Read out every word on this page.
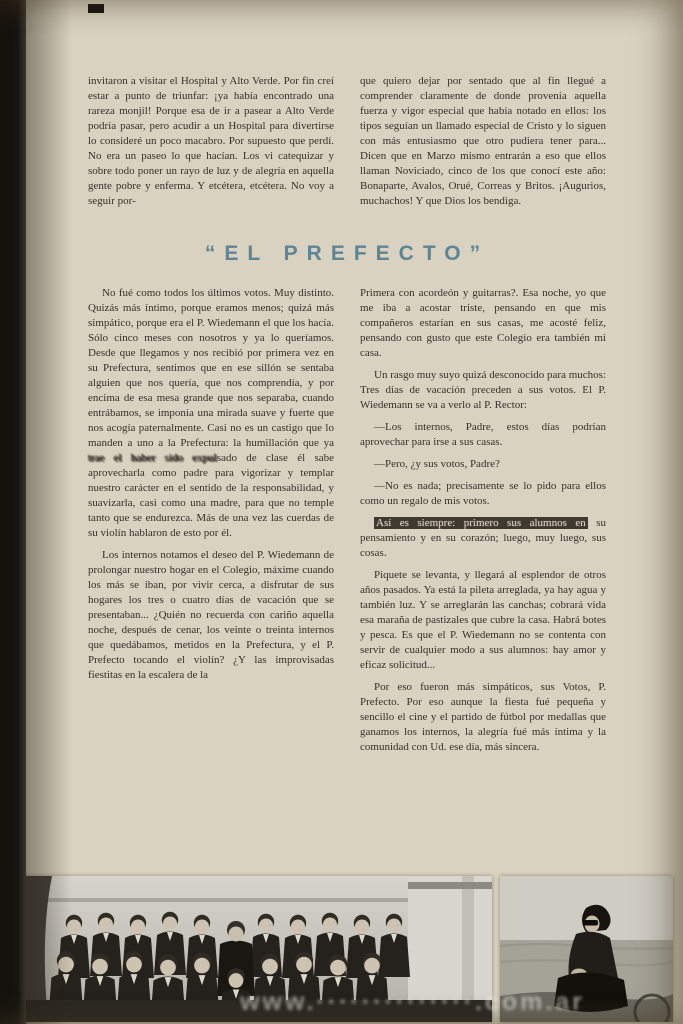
invitaron a visitar el Hospital y Alto Verde. Por fin creí estar a punto de triunfar: ¡ya había encontrado una rareza monjil! Porque esa de ir a pasear a Alto Verde podría pasar, pero acudir a un Hospital para divertirse lo consideré un poco macabro. Por supuesto que perdí. No era un paseo lo que hacían. Los vi catequizar y sobre todo poner un rayo de luz y de alegría en aquella gente pobre y enferma. Y etcétera, etcétera. No voy a seguir por-

que quiero dejar por sentado que al fin llegué a comprender claramente de donde provenía aquella fuerza y vigor especial que había notado en ellos: los tipos seguían un llamado especial de Cristo y lo siguen con más entusiasmo que otro pudiera tener para... Dicen que en Marzo mismo entrarán a eso que ellos llaman Noviciado, cinco de los que conocí este año: Bonaparte, Avalos, Orué, Correas y Britos. ¡Augurios, muchachos! Y que Dios los bendiga.

“EL PREFECTO”

No fué como todos los últimos votos. Muy distinto. Quizás más íntimo, porque eramos menos; quizá más simpático, porque era el P. Wiedemann el que los hacía. Sólo cinco meses con nosotros y ya lo queríamos. Desde que llegamos y nos recibió por primera vez en su Prefectura, sentimos que en ese sillón se sentaba alguien que nos quería, que nos comprendía, y por encima de esa mesa grande que nos separaba, cuando entrábamos, se imponía una mirada suave y fuerte que nos acogía paternalmente. Casi no es un castigo que lo manden a uno a la Prefectura: la humillación que ya trae el haber sido expulsado de clase él sabe aprovecharla como padre para vigorizar y templar nuestro carácter en el sentido de la responsabilidad, y suavizarla, casi como una madre, para que no temple tanto que se endurezca. Más de una vez las cuerdas de su violín hablaron de esto por él.

Los internos notamos el deseo del P. Wiedemann de prolongar nuestro hogar en el Colegio, máxime cuando los más se iban, por vivir cerca, a disfrutar de sus hogares los tres o cuatro días de vacación que se presentaban... ¿Quién no recuerda con cariño aquella noche, después de cenar, los veinte o treinta internos que quedábamos, metidos en la Prefectura, y el P. Prefecto tocando el violín? ¿Y las improvisadas fiestitas en la escalera de la

Primera con acordeón y guitarras?. Esa noche, yo que me iba a acostar triste, pensando en que mis compañeros estarían en sus casas, me acosté feliz, pensando con gusto que este Colegio era también mi casa.

Un rasgo muy suyo quizá desconocido para muchos: Tres días de vacación preceden a sus votos. El P. Wiedemann se va a verlo al P. Rector:

—Los internos, Padre, estos días podrían aprovechar para irse a sus casas.

—Pero, ¿y sus votos, Padre?

—No es nada; precisamente se lo pido para ellos como un regalo de mis votos.

Así es siempre: primero sus alumnos en su pensamiento y en su corazón; luego, muy luego, sus cosas.

Piquete se levanta, y llegará al esplendor de otros años pasados. Ya está la pileta arreglada, ya hay agua y también luz. Y se arreglarán las canchas; cobrará vida esa maraña de pastizales que cubre la casa. Habrá botes y pesca. Es que el P. Wiedemann no se contenta con servir de cualquier modo a sus alumnos: hay amor y eficaz solicitud...

Por eso fueron más simpáticos, sus Votos, P. Prefecto. Por eso aunque la fiesta fué pequeña y sencillo el cine y el partido de fútbol por medallas que ganamos los internos, la alegría fué más íntima y la comunidad con Ud. ese día, más sincera.

www.··············.com.ar
